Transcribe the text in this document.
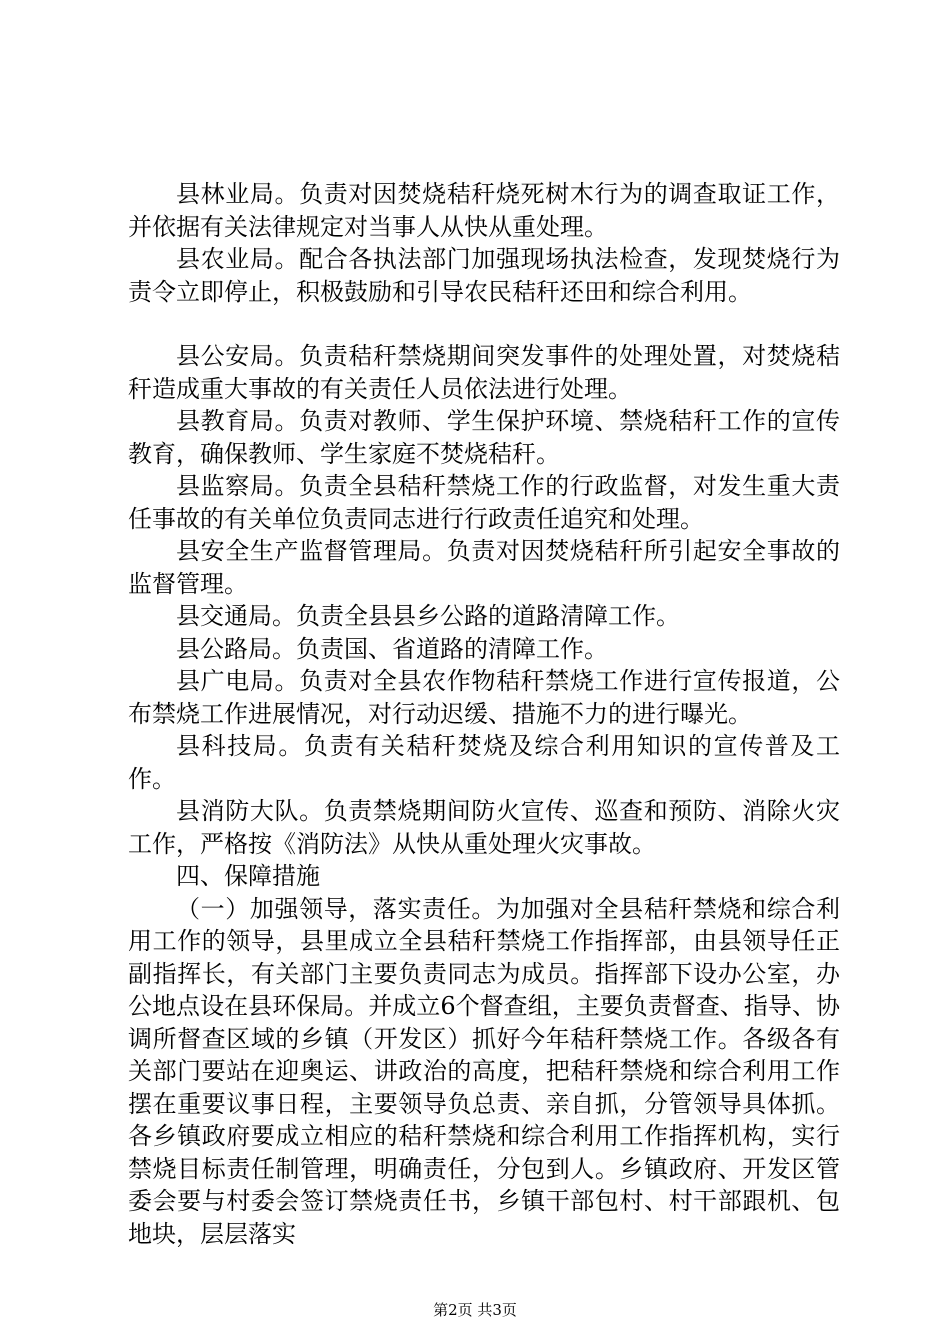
县林业局。负责对因焚烧秸秆烧死树木行为的调查取证工作，并依据有关法律规定对当事人从快从重处理。

县农业局。配合各执法部门加强现场执法检查，发现焚烧行为责令立即停止，积极鼓励和引导农民秸秆还田和综合利用。

县公安局。负责秸秆禁烧期间突发事件的处理处置，对焚烧秸秆造成重大事故的有关责任人员依法进行处理。

县教育局。负责对教师、学生保护环境、禁烧秸秆工作的宣传教育，确保教师、学生家庭不焚烧秸秆。

县监察局。负责全县秸秆禁烧工作的行政监督，对发生重大责任事故的有关单位负责同志进行行政责任追究和处理。

县安全生产监督管理局。负责对因焚烧秸秆所引起安全事故的监督管理。

县交通局。负责全县县乡公路的道路清障工作。

县公路局。负责国、省道路的清障工作。

县广电局。负责对全县农作物秸秆禁烧工作进行宣传报道，公布禁烧工作进展情况，对行动迟缓、措施不力的进行曝光。

县科技局。负责有关秸秆焚烧及综合利用知识的宣传普及工作。

县消防大队。负责禁烧期间防火宣传、巡查和预防、消除火灾工作，严格按《消防法》从快从重处理火灾事故。

四、保障措施

（一）加强领导，落实责任。为加强对全县秸秆禁烧和综合利用工作的领导，县里成立全县秸秆禁烧工作指挥部，由县领导任正副指挥长，有关部门主要负责同志为成员。指挥部下设办公室，办公地点设在县环保局。并成立6个督查组，主要负责督查、指导、协调所督查区域的乡镇（开发区）抓好今年秸秆禁烧工作。各级各有关部门要站在迎奥运、讲政治的高度，把秸秆禁烧和综合利用工作摆在重要议事日程，主要领导负总责、亲自抓，分管领导具体抓。各乡镇政府要成立相应的秸秆禁烧和综合利用工作指挥机构，实行禁烧目标责任制管理，明确责任，分包到人。乡镇政府、开发区管委会要与村委会签订禁烧责任书，乡镇干部包村、村干部跟机、包地块，层层落实

第2页 共3页
